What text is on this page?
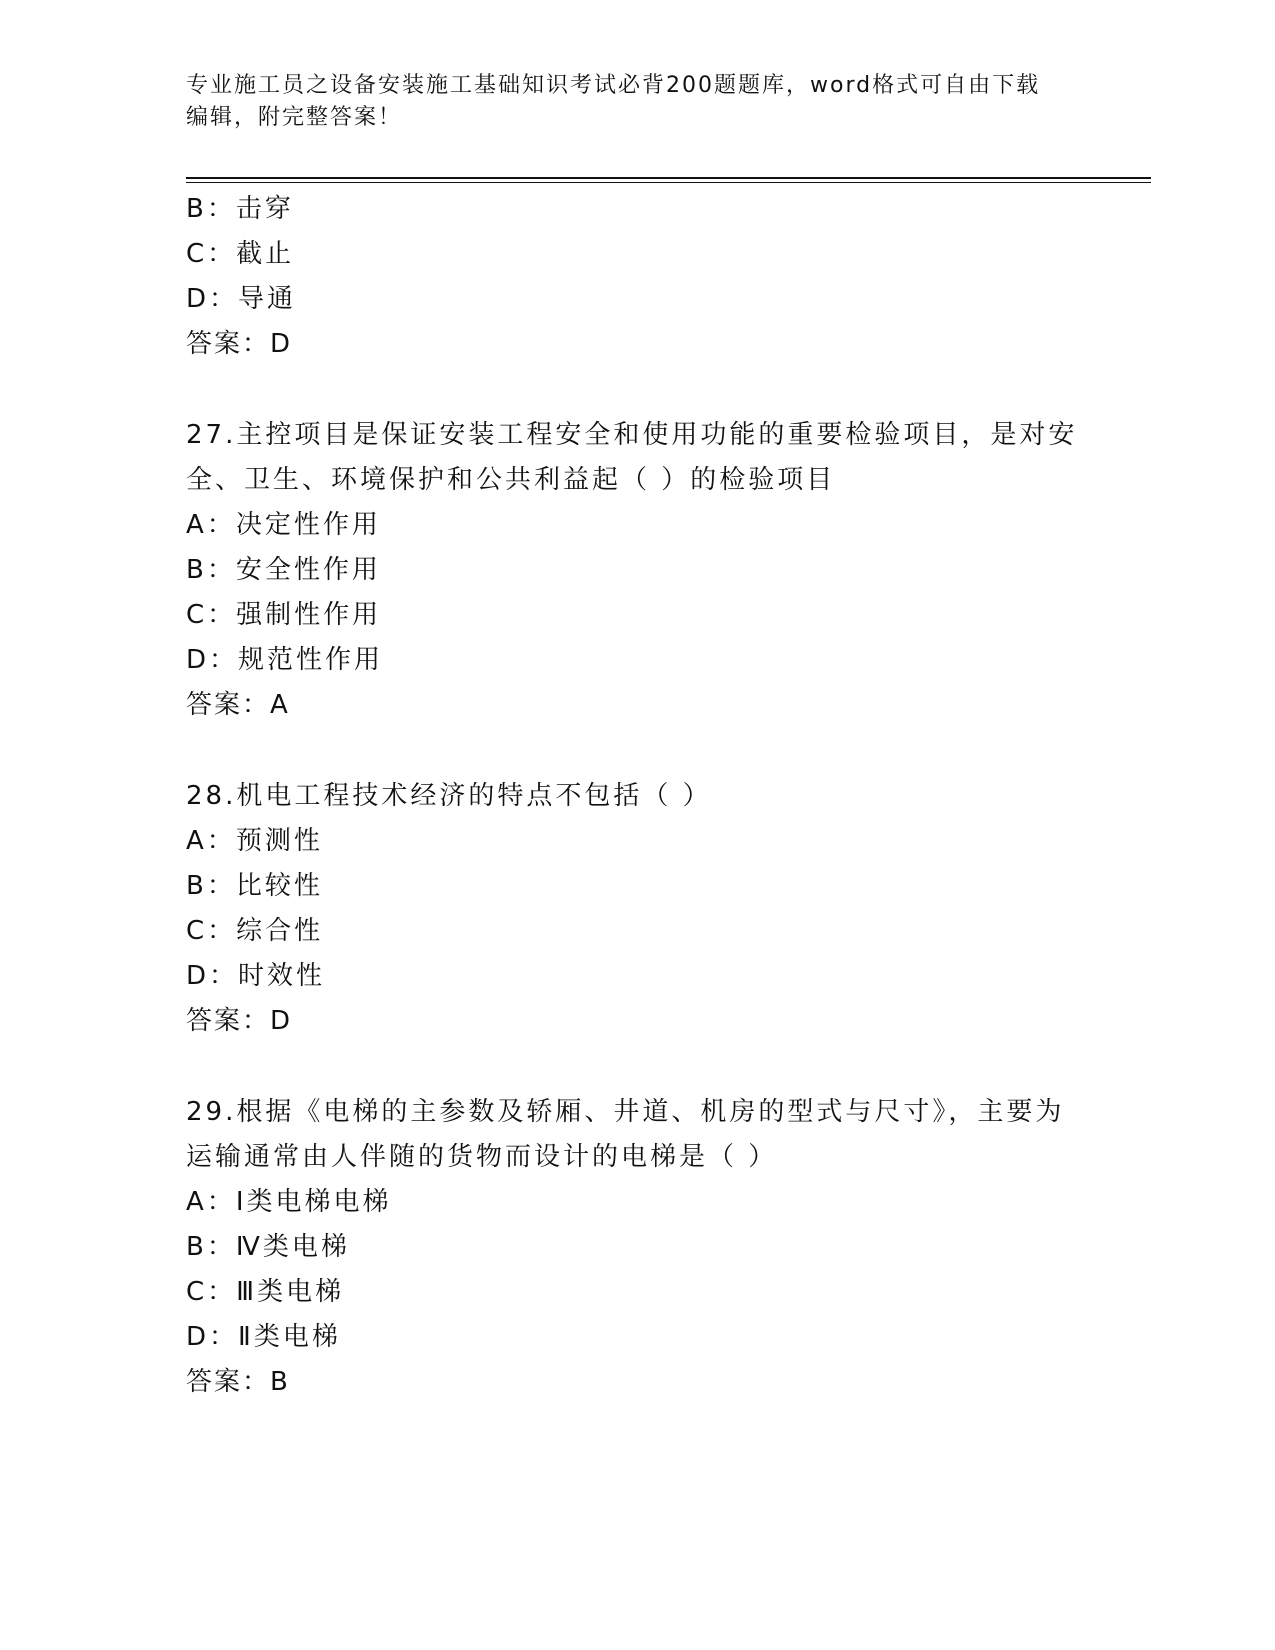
专业施工员之设备安装施工基础知识考试必背200题题库，word格式可自由下载
编辑，附完整答案！
B：击穿
C：截止
D：导通
答案：D
27.主控项目是保证安装工程安全和使用功能的重要检验项目，是对安
全、卫生、环境保护和公共利益起（ ）的检验项目
A：决定性作用
B：安全性作用
C：强制性作用
D：规范性作用
答案：A
28.机电工程技术经济的特点不包括（ ）
A：预测性
B：比较性
C：综合性
D：时效性
答案：D
29.根据《电梯的主参数及轿厢、井道、机房的型式与尺寸》，主要为
运输通常由人伴随的货物而设计的电梯是（ ）
A：Ⅰ类电梯电梯
B：Ⅳ类电梯
C：Ⅲ类电梯
D：Ⅱ类电梯
答案：B
